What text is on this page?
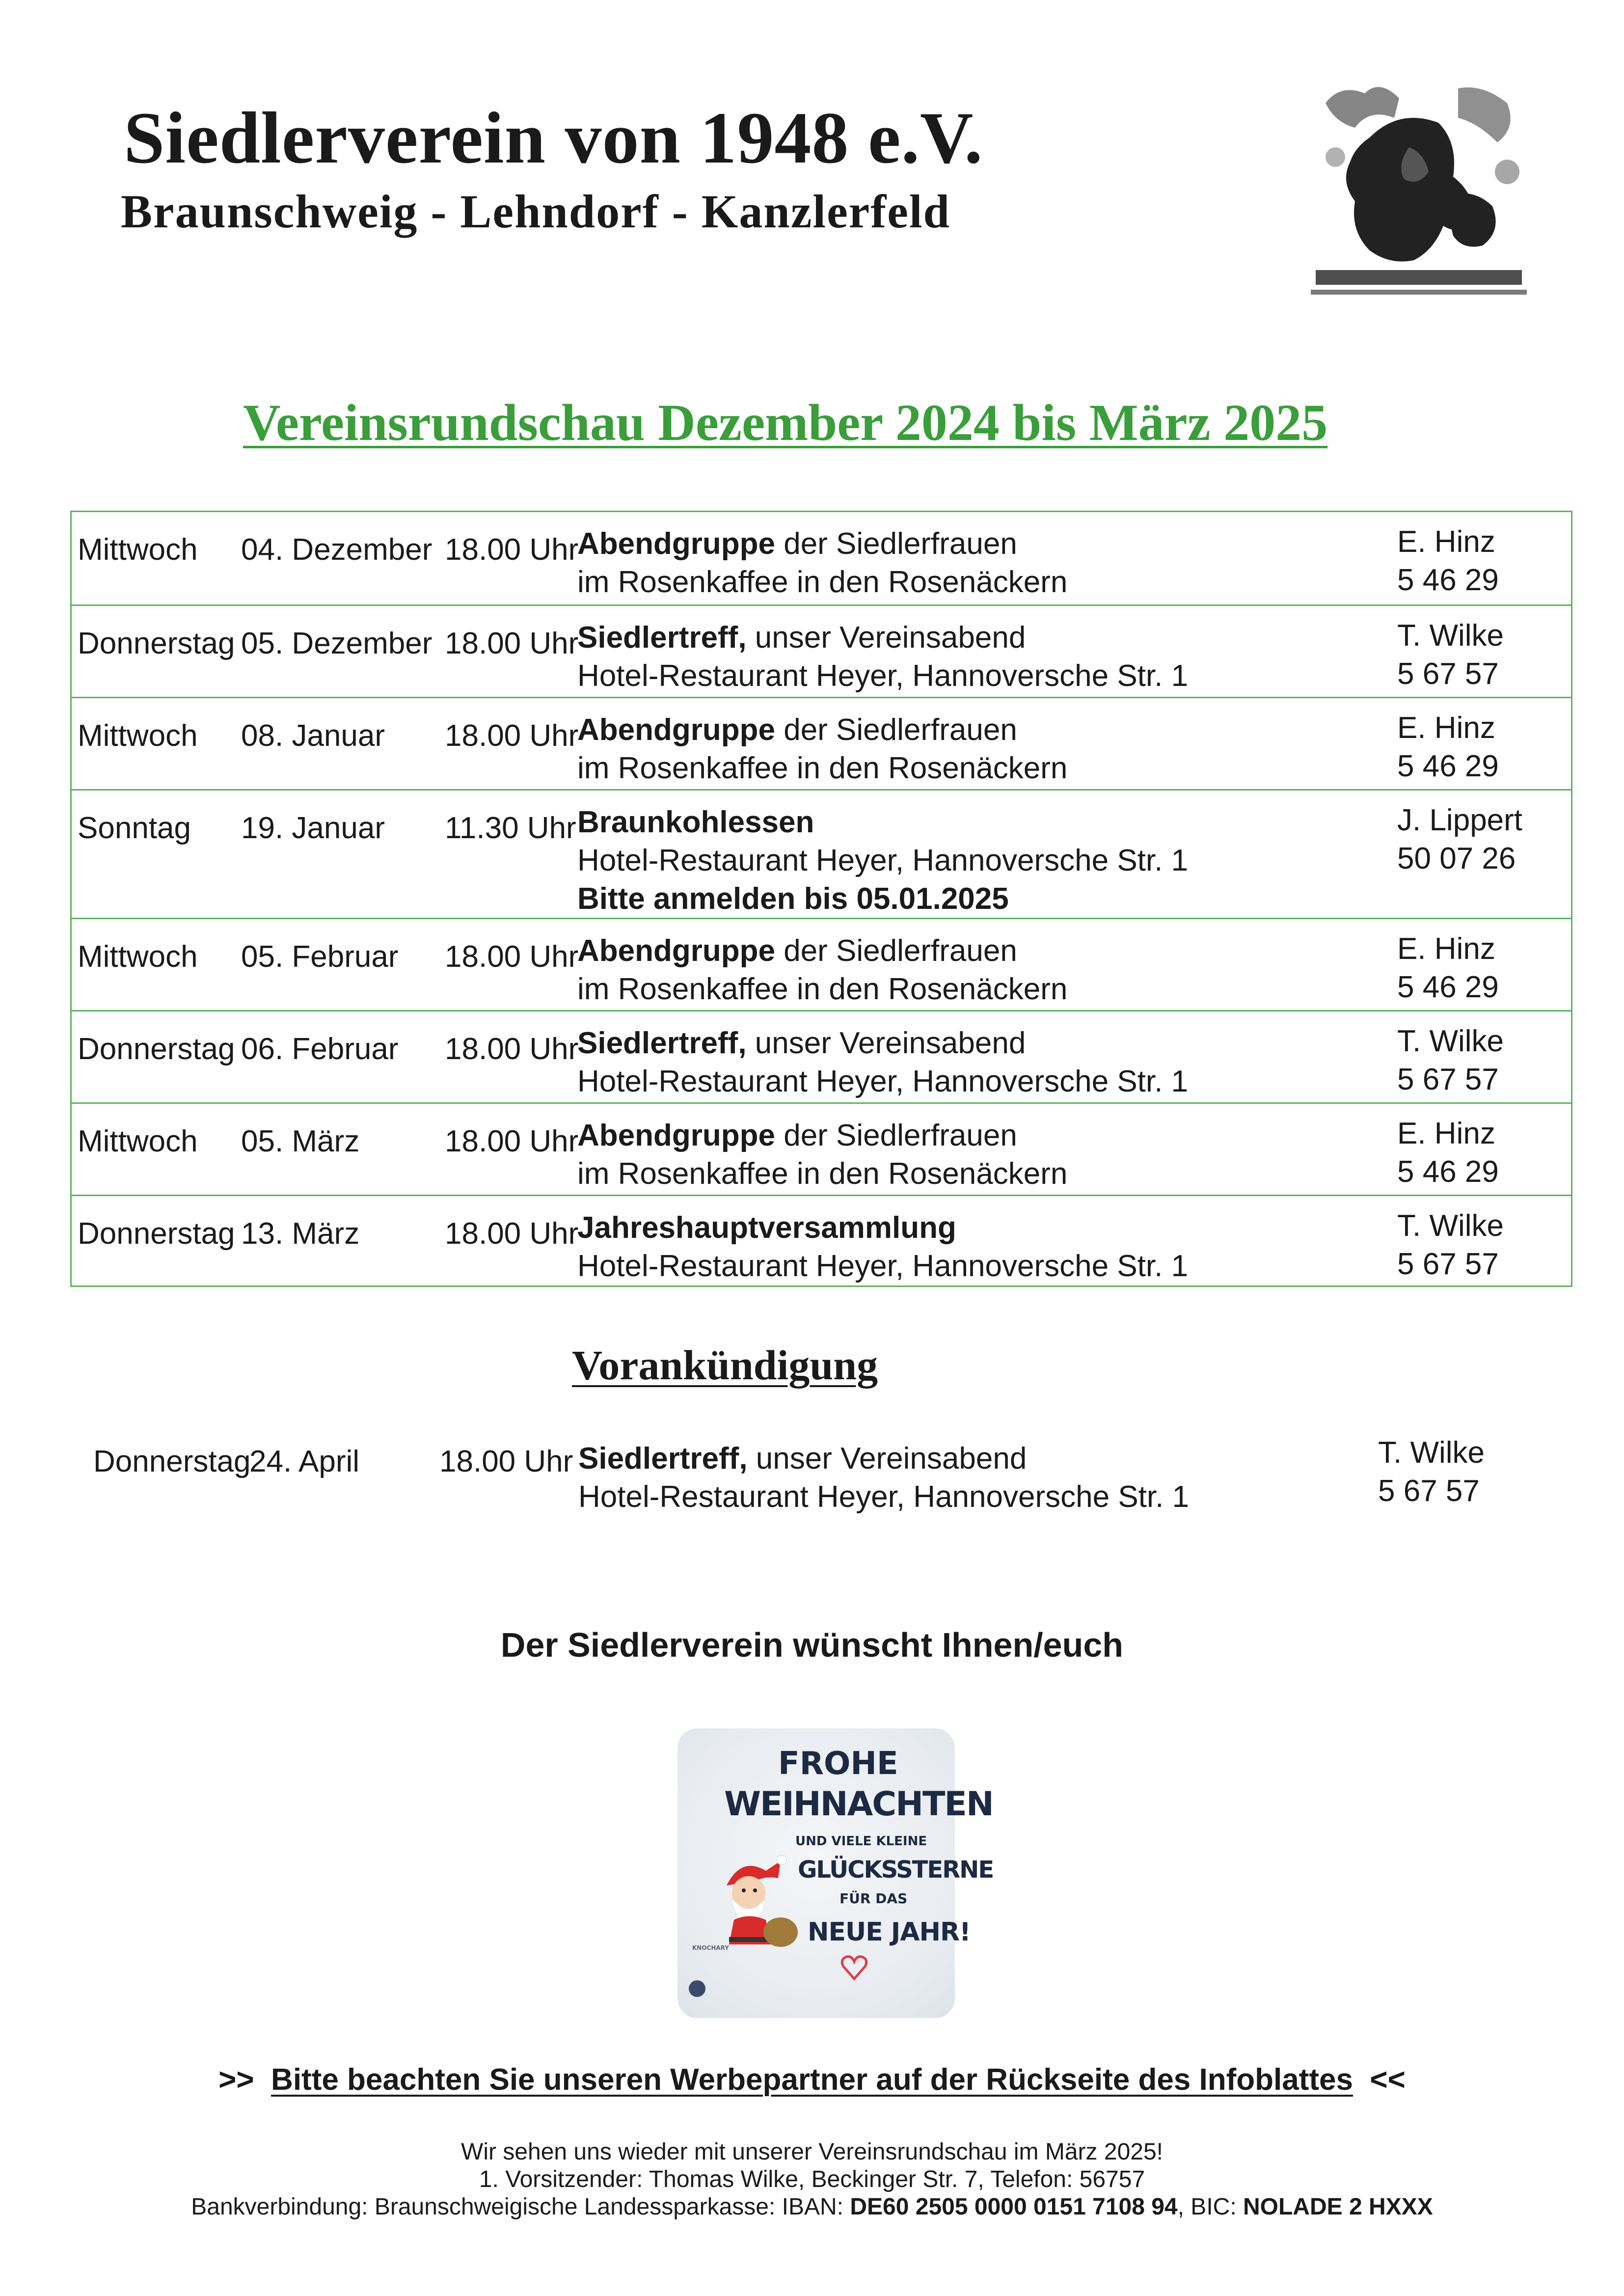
Siedlerverein von 1948 e.V.
Braunschweig - Lehndorf - Kanzlerfeld
Vereinsrundschau Dezember 2024 bis März 2025
Mittwoch 04. Dezember 18.00 Uhr
Abendgruppe der Siedlerfrauen
im Rosenkaffee in den Rosenäckern
E. Hinz
5 46 29
Donnerstag 05. Dezember 18.00 Uhr
Siedlertreff, unser Vereinsabend
Hotel-Restaurant Heyer, Hannoversche Str. 1
T. Wilke
5 67 57
Mittwoch 08. Januar 18.00 Uhr
Abendgruppe der Siedlerfrauen
im Rosenkaffee in den Rosenäckern
E. Hinz
5 46 29
Sonntag 19. Januar 11.30 Uhr Braunkohlessen
Hotel-Restaurant Heyer, Hannoversche Str. 1
Bitte anmelden bis 05.01.2025
J. Lippert
50 07 26
Mittwoch 05. Februar 18.00 Uhr
Abendgruppe der Siedlerfrauen
im Rosenkaffee in den Rosenäckern
E. Hinz
5 46 29
Donnerstag 06. Februar 18.00 Uhr
Siedlertreff, unser Vereinsabend
Hotel-Restaurant Heyer, Hannoversche Str. 1
T. Wilke
5 67 57
Mittwoch 05. März	18.00 Uhr
Abendgruppe der Siedlerfrauen
im Rosenkaffee in den Rosenäckern
E. Hinz
5 46 29
Donnerstag 13. März	18.00 Uhr
Jahreshauptversammlung
Hotel-Restaurant Heyer, Hannoversche Str. 1
T. Wilke
5 67 57
Vorankündigung
Donnerstag
24. April	18.00 Uhr Siedlertreff, unser Vereinsabend
Hotel-Restaurant Heyer, Hannoversche Str. 1
T. Wilke
5 67 57
Der Siedlerverein wünscht Ihnen/euch
FROHE
WEIHNACHTEN
UND VIELE KLEINE
GLÜCKSSTERNE
FÜR DAS
NEUE JAHR!
KNOCHARY
>> Bitte beachten Sie unseren Werbepartner auf der Rückseite des Infoblattes <<
Wir sehen uns wieder mit unserer Vereinsrundschau im März 2025!
1. Vorsitzender: Thomas Wilke, Beckinger Str. 7, Telefon: 56757
Bankverbindung: Braunschweigische Landessparkasse: IBAN: DE60 2505 0000 0151 7108 94, BIC: NOLADE 2 HXXX
